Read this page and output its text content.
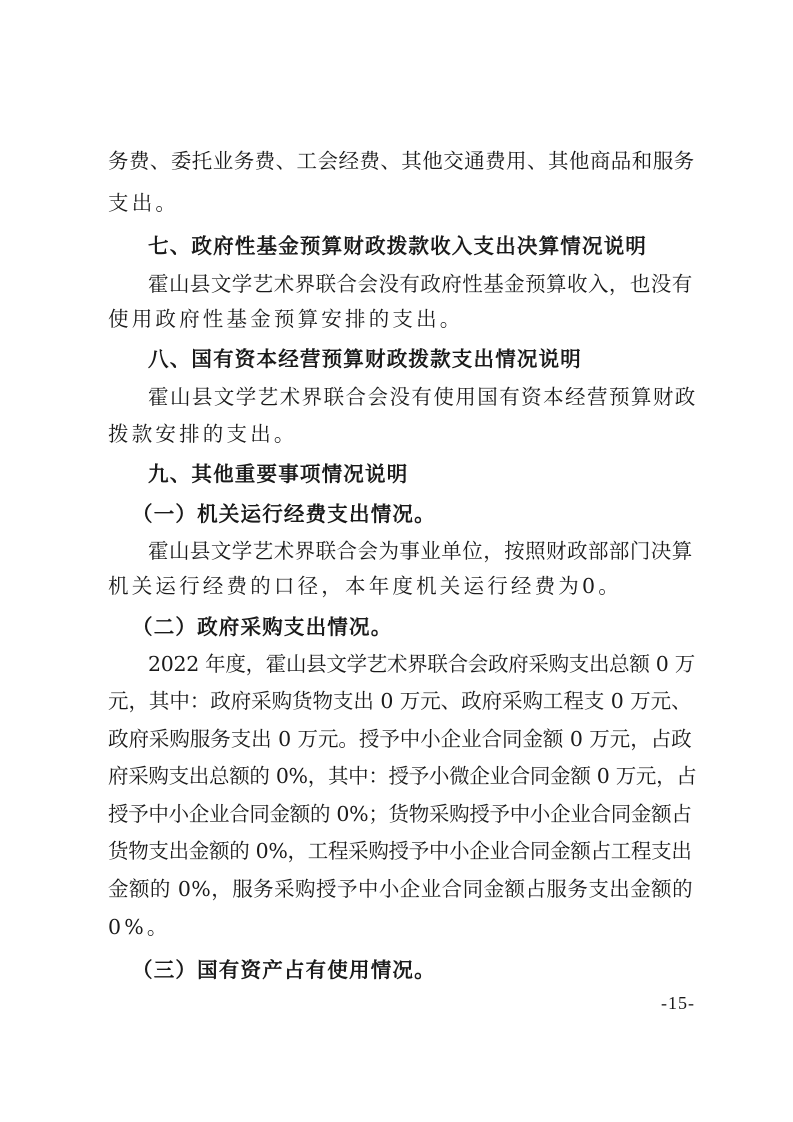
务费、委托业务费、工会经费、其他交通费用、其他商品和服务
支出。
七、政府性基金预算财政拨款收入支出决算情况说明
霍山县文学艺术界联合会没有政府性基金预算收入，也没有
使用政府性基金预算安排的支出。
八、国有资本经营预算财政拨款支出情况说明
霍山县文学艺术界联合会没有使用国有资本经营预算财政
拨款安排的支出。
九、其他重要事项情况说明
（一）机关运行经费支出情况。
霍山县文学艺术界联合会为事业单位，按照财政部部门决算
机关运行经费的口径，本年度机关运行经费为0。
（二）政府采购支出情况。
2022 年度，霍山县文学艺术界联合会政府采购支出总额 0 万
元，其中：政府采购货物支出 0 万元、政府采购工程支 0 万元、
政府采购服务支出 0 万元。授予中小企业合同金额 0 万元，占政
府采购支出总额的 0%，其中：授予小微企业合同金额 0 万元，占
授予中小企业合同金额的 0%；货物采购授予中小企业合同金额占
货物支出金额的 0%，工程采购授予中小企业合同金额占工程支出
金额的 0%，服务采购授予中小企业合同金额占服务支出金额的
0%。
（三）国有资产占有使用情况。
-15-
